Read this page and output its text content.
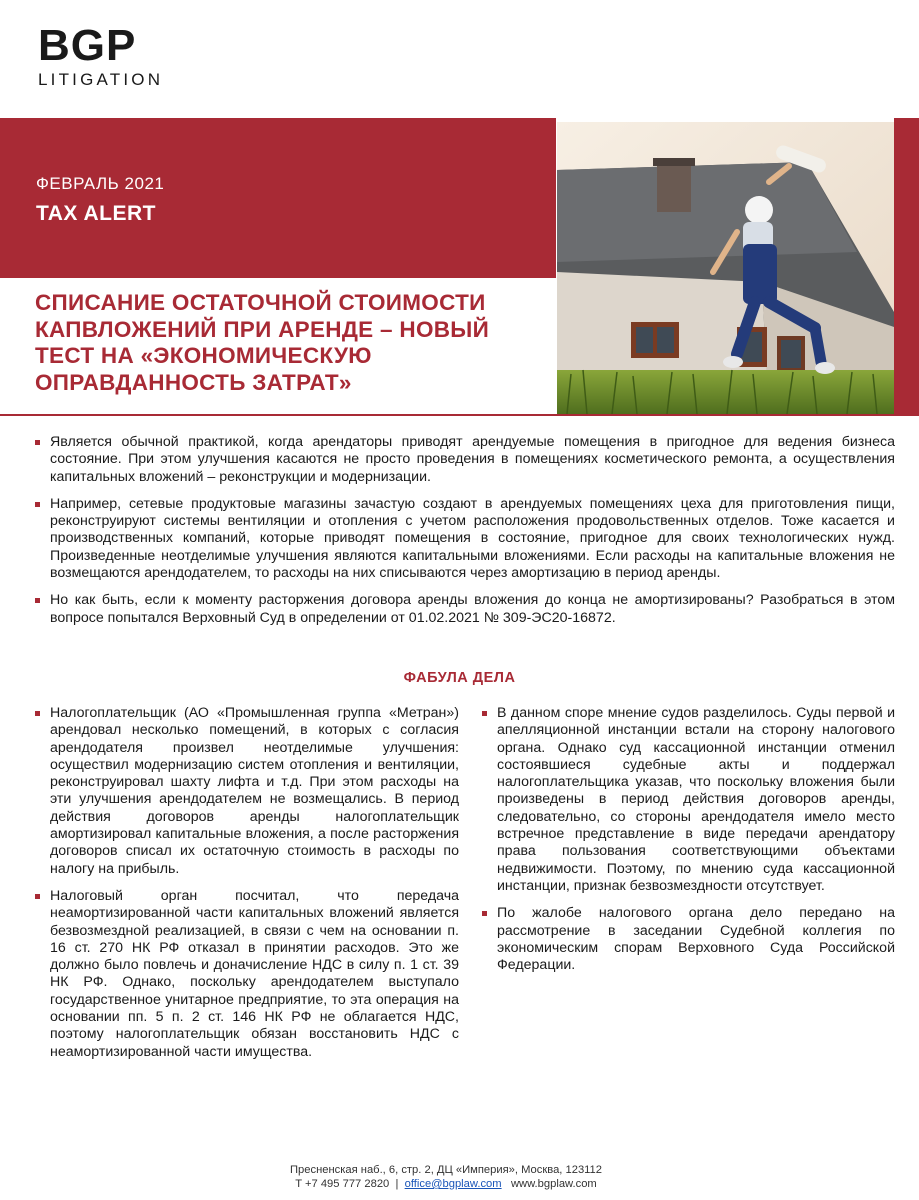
BGP
LITIGATION
ФЕВРАЛЬ 2021
TAX ALERT
СПИСАНИЕ ОСТАТОЧНОЙ СТОИМОСТИ КАПВЛОЖЕНИЙ ПРИ АРЕНДЕ – НОВЫЙ ТЕСТ НА «ЭКОНОМИЧЕСКУЮ ОПРАВДАННОСТЬ ЗАТРАТ»
Является обычной практикой, когда арендаторы приводят арендуемые помещения в пригодное для ведения бизнеса состояние. При этом улучшения касаются не просто проведения в помещениях косметического ремонта, а осуществления капитальных вложений – реконструкции и модернизации.
Например, сетевые продуктовые магазины зачастую создают в арендуемых помещениях цеха для приготовления пищи, реконструируют системы вентиляции и отопления с учетом расположения продовольственных отделов. Тоже касается и производственных компаний, которые приводят помещения в состояние, пригодное для своих технологических нужд. Произведенные неотделимые улучшения являются капитальными вложениями. Если расходы на капитальные вложения не возмещаются арендодателем, то расходы на них списываются через амортизацию в период аренды.
Но как быть, если к моменту расторжения договора аренды вложения до конца не амортизированы? Разобраться в этом вопросе попытался Верховный Суд в определении от 01.02.2021 № 309-ЭС20-16872.
ФАБУЛА ДЕЛА
Налогоплательщик (АО «Промышленная группа «Метран») арендовал несколько помещений, в которых с согласия арендодателя произвел неотделимые улучшения: осуществил модернизацию систем отопления и вентиляции, реконструировал шахту лифта и т.д. При этом расходы на эти улучшения арендодателем не возмещались. В период действия договоров аренды налогоплательщик амортизировал капитальные вложения, а после расторжения договоров списал их остаточную стоимость в расходы по налогу на прибыль.
Налоговый орган посчитал, что передача неамортизированной части капитальных вложений является безвозмездной реализацией, в связи с чем на основании п. 16 ст. 270 НК РФ отказал в принятии расходов. Это же должно было повлечь и доначисление НДС в силу п. 1 ст. 39 НК РФ. Однако, поскольку арендодателем выступало государственное унитарное предприятие, то эта операция на основании пп. 5 п. 2 ст. 146 НК РФ не облагается НДС, поэтому налогоплательщик обязан восстановить НДС с неамортизированной части имущества.
В данном споре мнение судов разделилось. Суды первой и апелляционной инстанции встали на сторону налогового органа. Однако суд кассационной инстанции отменил состоявшиеся судебные акты и поддержал налогоплательщика указав, что поскольку вложения были произведены в период действия договоров аренды, следовательно, со стороны арендодателя имело место встречное представление в виде передачи арендатору права пользования соответствующими объектами недвижимости. Поэтому, по мнению суда кассационной инстанции, признак безвозмездности отсутствует.
По жалобе налогового органа дело передано на рассмотрение в заседании Судебной коллегия по экономическим спорам Верховного Суда Российской Федерации.
Пресненская наб., 6, стр. 2, ДЦ «Империя», Москва, 123112
T +7 495 777 2820 | office@bgplaw.com www.bgplaw.com
